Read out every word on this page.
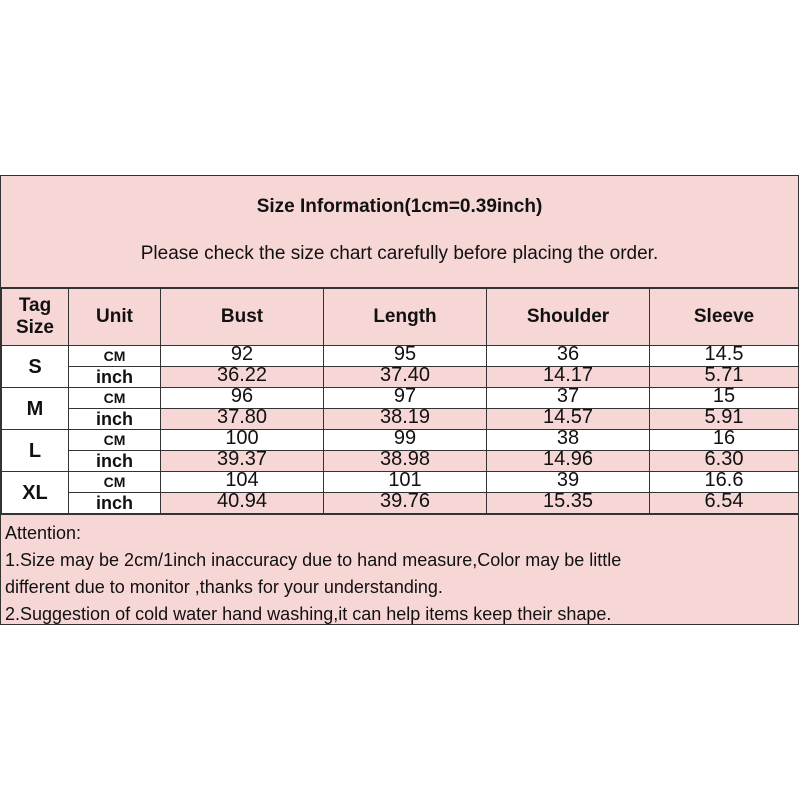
Size Information(1cm=0.39inch)
Please check the size chart carefully before placing the order.
Tag
Size	Unit	Bust	Length	Shoulder	Sleeve
S	CM	92	95	36	14.5
	inch	36.22	37.40	14.17	5.71
M	CM	96	97	37	15
	inch	37.80	38.19	14.57	5.91
L	CM	100	99	38	16
	inch	39.37	38.98	14.96	6.30
XL	CM	104	101	39	16.6
	inch	40.94	39.76	15.35	6.54
Attention:
1.Size may be 2cm/1inch inaccuracy due to hand measure,Color may be little
different due to monitor ,thanks for your understanding.
2.Suggestion of cold water hand washing,it can help items keep their shape.
